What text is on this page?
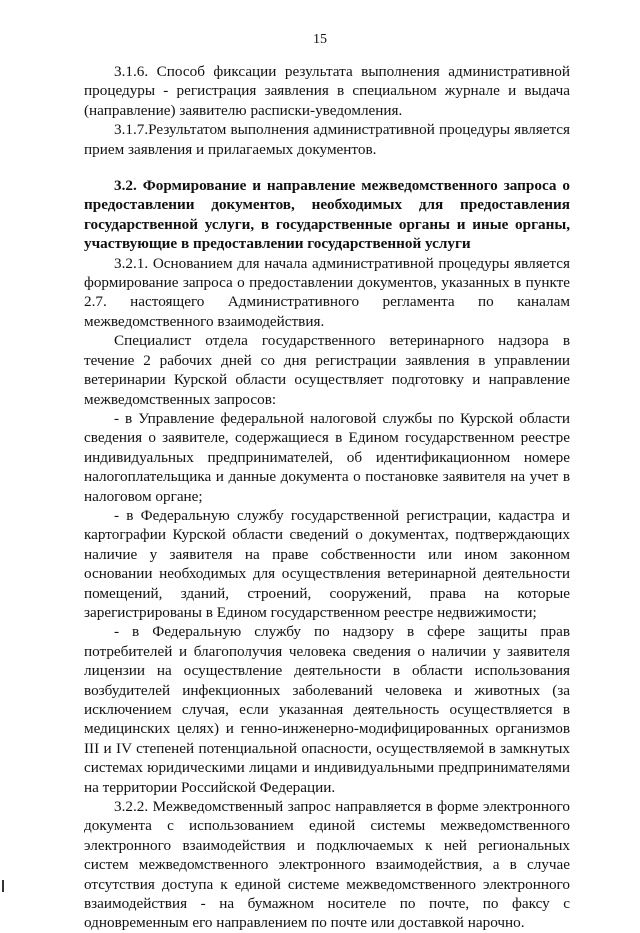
15

3.1.6. Способ фиксации результата выполнения административной процедуры - регистрация заявления в специальном журнале и выдача (направление) заявителю расписки-уведомления.

3.1.7.Результатом выполнения административной процедуры является прием заявления и прилагаемых документов.

3.2. Формирование и направление межведомственного запроса о предоставлении документов, необходимых для предоставления государственной услуги, в государственные органы и иные органы, участвующие в предоставлении государственной услуги

3.2.1. Основанием для начала административной процедуры является формирование запроса о предоставлении документов, указанных в пункте 2.7. настоящего Административного регламента по каналам межведомственного взаимодействия.

Специалист отдела государственного ветеринарного надзора в течение 2 рабочих дней со дня регистрации заявления в управлении ветеринарии Курской области осуществляет подготовку и направление межведомственных запросов:

- в Управление федеральной налоговой службы по Курской области сведения о заявителе, содержащиеся в Едином государственном реестре индивидуальных предпринимателей, об идентификационном номере налогоплательщика и данные документа о постановке заявителя на учет в налоговом органе;

- в Федеральную службу государственной регистрации, кадастра и картографии Курской области сведений о документах, подтверждающих наличие у заявителя на праве собственности или ином законном основании необходимых для осуществления ветеринарной деятельности помещений, зданий, строений, сооружений, права на которые зарегистрированы в Едином государственном реестре недвижимости;

- в Федеральную службу по надзору в сфере защиты прав потребителей и благополучия человека сведения о наличии у заявителя лицензии на осуществление деятельности в области использования возбудителей инфекционных заболеваний человека и животных (за исключением случая, если указанная деятельность осуществляется в медицинских целях) и генно-инженерно-модифицированных организмов III и IV степеней потенциальной опасности, осуществляемой в замкнутых системах юридическими лицами и индивидуальными предпринимателями на территории Российской Федерации.

3.2.2. Межведомственный запрос направляется в форме электронного документа с использованием единой системы межведомственного электронного взаимодействия и подключаемых к ней региональных систем межведомственного электронного взаимодействия, а в случае отсутствия доступа к единой системе межведомственного электронного взаимодействия - на бумажном носителе по почте, по факсу с одновременным его направлением по почте или доставкой нарочно.
